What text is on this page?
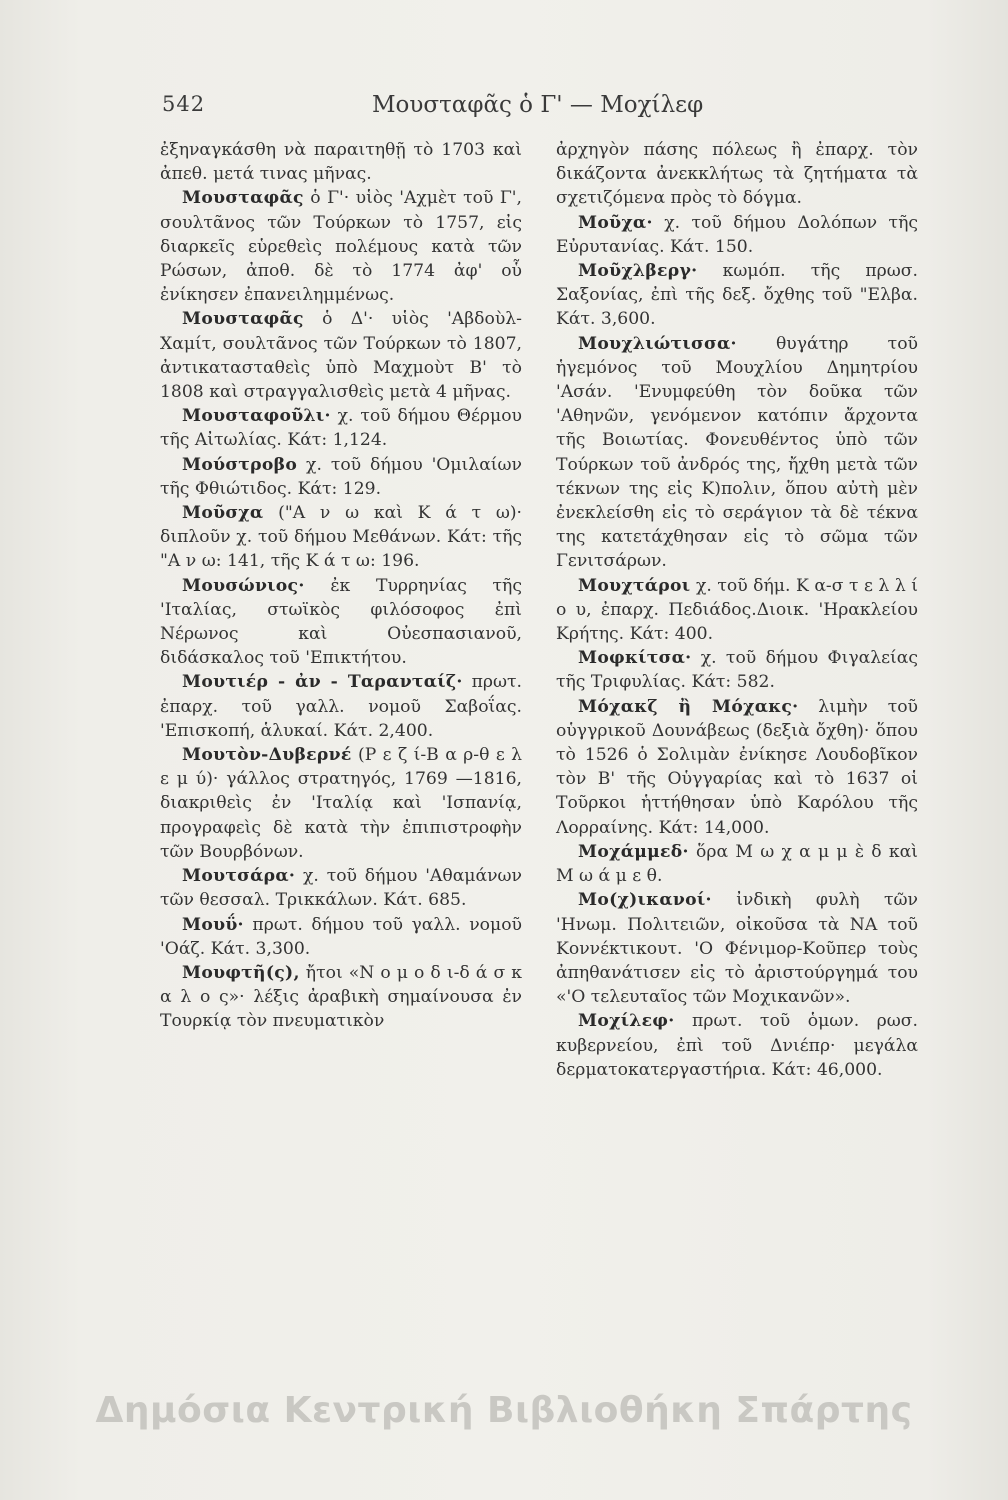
542	Μουσταφᾶς ὁ Γ' — Μοχίλεφ

ἐξηναγκάσθη νὰ παραιτηθῇ τὸ 1703 καὶ ἀπεθ. μετά τινας μῆνας.

Μουσταφᾶς ὁ Γ'· υἱὸς 'Αχμὲτ τοῦ Γ', σουλτᾶνος τῶν Τούρκων τὸ 1757, εἰς διαρκεῖς εὑρεθεὶς πολέμους κατὰ τῶν Ρώσων, ἀποθ. δὲ τὸ 1774 ἀφ' οὗ ἐνίκησεν ἐπανειλημμένως.

Μουσταφᾶς ὁ Δ'· υἱὸς 'Αβδοὺλ-Χαμίτ, σουλτᾶνος τῶν Τούρκων τὸ 1807, ἀντικατασταθεὶς ὑπὸ Μαχμοὺτ Β' τὸ 1808 καὶ στραγγαλισθεὶς μετὰ 4 μῆνας.

Μουσταφοῦλι· χ. τοῦ δήμου Θέρμου τῆς Αἰτωλίας. Κάτ: 1,124.

Μούστροβο χ. τοῦ δήμου 'Ομιλαίων τῆς Φθιώτιδος. Κάτ: 129.

Μοῦσχα ("Α ν ω καὶ Κ ά τ ω)· διπλοῦν χ. τοῦ δήμου Μεθάνων. Κάτ: τῆς "Α ν ω: 141, τῆς Κ ά τ ω: 196.

Μουσώνιος· ἐκ Τυρρηνίας τῆς 'Ιταλίας, στωϊκὸς φιλόσοφος ἐπὶ Νέρωνος καὶ Οὐεσπασιανοῦ, διδάσκαλος τοῦ 'Επικτήτου.

Μουτιέρ - ἀν - Ταρανταίζ· πρωτ. ἐπαρχ. τοῦ γαλλ. νομοῦ Σαβοΐας. 'Επισκοπή, ἁλυκαί. Κάτ. 2,400.

Μουτὸν-Δυβερνέ (Ρ ε ζ ί-Β α ρ-θ ε λ ε μ ύ)· γάλλος στρατηγός, 1769 —1816, διακριθεὶς ἐν 'Ιταλίᾳ καὶ 'Ισπανίᾳ, προγραφεὶς δὲ κατὰ τὴν ἐπιπιστροφὴν τῶν Βουρβόνων.

Μουτσάρα· χ. τοῦ δήμου 'Αθαμάνων τῶν θεσσαλ. Τρικκάλων. Κάτ. 685.

Μουΰ· πρωτ. δήμου τοῦ γαλλ. νομοῦ 'Οάζ. Κάτ. 3,300.

Μουφτῆ(ς), ἤτοι «Ν ο μ ο δ ι-δ ά σ κ α λ ο ς»· λέξις ἀραβικὴ σημαίνουσα ἐν Τουρκίᾳ τὸν πνευματικὸν

ἀρχηγὸν πάσης πόλεως ἢ ἐπαρχ. τὸν δικάζοντα ἀνεκκλήτως τὰ ζητήματα τὰ σχετιζόμενα πρὸς τὸ δόγμα.

Μοῦχα· χ. τοῦ δήμου Δολόπων τῆς Εὐρυτανίας. Κάτ. 150.

Μοῦχλβεργ· κωμόπ. τῆς πρωσ. Σαξονίας, ἐπὶ τῆς δεξ. ὄχθης τοῦ "Ελβα. Κάτ. 3,600.

Μουχλιώτισσα· θυγάτηρ τοῦ ἡγεμόνος τοῦ Μουχλίου Δημητρίου 'Ασάν. 'Ενυμφεύθη τὸν δοῦκα τῶν 'Αθηνῶν, γενόμενον κατόπιν ἄρχοντα τῆς Βοιωτίας. Φονευθέντος ὑπὸ τῶν Τούρκων τοῦ ἀνδρός της, ἤχθη μετὰ τῶν τέκνων της εἰς Κ)πολιν, ὅπου αὐτὴ μὲν ἐνεκλείσθη εἰς τὸ σεράγιον τὰ δὲ τέκνα της κατετάχθησαν εἰς τὸ σῶμα τῶν Γενιτσάρων.

Μουχτάροι χ. τοῦ δήμ. Κ α-σ τ ε λ λ ί ο υ, ἐπαρχ. Πεδιάδος.Διοικ. 'Ηρακλείου Κρήτης. Κάτ: 400.

Μοφκίτσα· χ. τοῦ δήμου Φιγαλείας τῆς Τριφυλίας. Κάτ: 582.

Μόχακζ ἢ Μόχακς· λιμὴν τοῦ οὑγγρικοῦ Δουνάβεως (δεξιὰ ὄχθη)· ὅπου τὸ 1526 ὁ Σολιμὰν ἐνίκησε Λουδοβῖκον τὸν Β' τῆς Οὑγγαρίας καὶ τὸ 1637 οἱ Τοῦρκοι ἡττήθησαν ὑπὸ Καρόλου τῆς Λορραίνης. Κάτ: 14,000.

Μοχάμμεδ· ὅρα Μ ω χ α μ μ ὲ δ καὶ Μ ω ά μ ε θ.

Μο(χ)ικανοί· ἰνδικὴ φυλὴ τῶν 'Ηνωμ. Πολιτειῶν, οἰκοῦσα τὰ ΝΑ τοῦ Κοννέκτικουτ. 'Ο Φένιμορ-Κοῦπερ τοὺς ἀπηθανάτισεν εἰς τὸ ἀριστούργημά του «'Ο τελευταῖος τῶν Μοχικανῶν».

Μοχίλεφ· πρωτ. τοῦ ὁμων. ρωσ. κυβερνείου, ἐπὶ τοῦ Δνιέπρ· μεγάλα δερματοκατεργαστήρια. Κάτ: 46,000.

Δημόσια Κεντρική Βιβλιοθήκη Σπάρτης
